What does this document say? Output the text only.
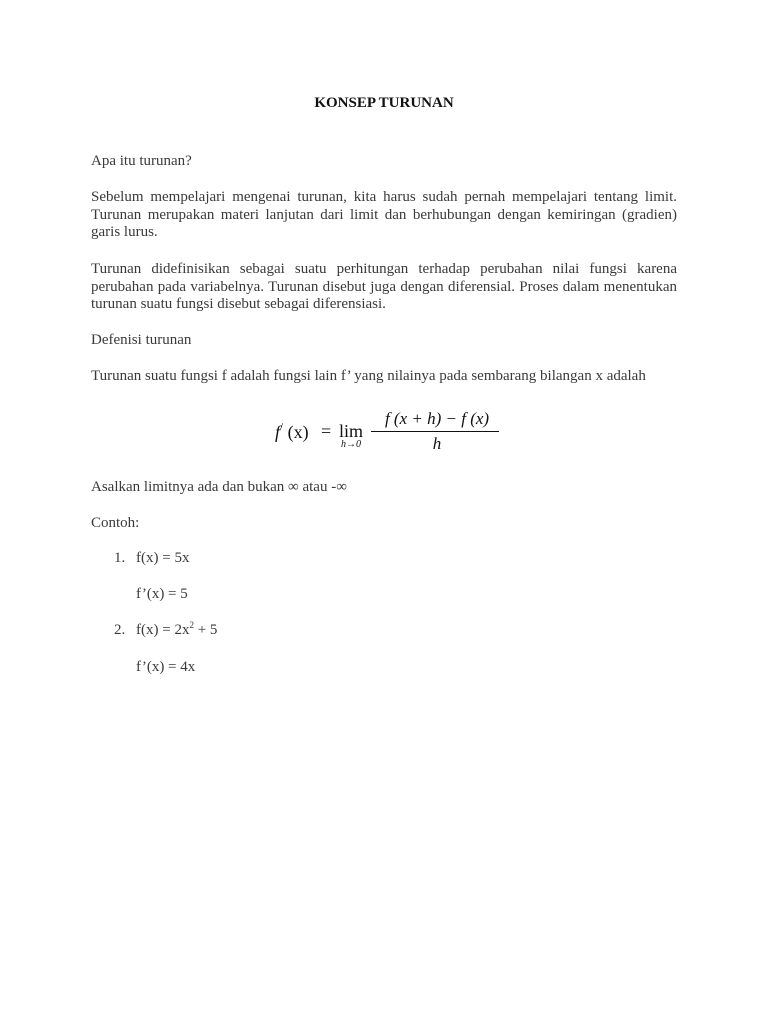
KONSEP TURUNAN

Apa itu turunan?

Sebelum mempelajari mengenai turunan, kita harus sudah pernah mempelajari tentang limit. Turunan merupakan materi lanjutan dari limit dan berhubungan dengan kemiringan (gradien) garis lurus.

Turunan didefinisikan sebagai suatu perhitungan terhadap perubahan nilai fungsi karena perubahan pada variabelnya. Turunan disebut juga dengan diferensial. Proses dalam menentukan turunan suatu fungsi disebut sebagai diferensiasi.

Defenisi turunan

Turunan suatu fungsi f adalah fungsi lain f’ yang nilainya pada sembarang bilangan x adalah

f/ (x) = lim
h→0
f (x + h) − f (x)
h

Asalkan limitnya ada dan bukan ∞ atau -∞

Contoh:

1. f(x) = 5x
f’(x) = 5
2. $f(x) = 2x^2 + 5$
f’(x) = 4x
